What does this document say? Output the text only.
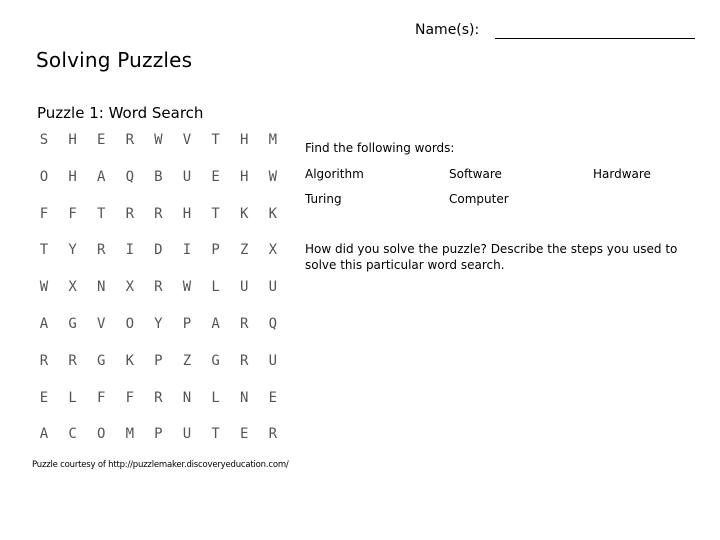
Name(s):
Solving Puzzles
Puzzle 1: Word Search
S	H	E	R	W	V	T	H	M
O	H	A	Q	B	U	E	H	W
F	F	T	R	R	H	T	K	K
T	Y	R	I	D	I	P	Z	X
W	X	N	X	R	W	L	U	U
A	G	V	O	Y	P	A	R	Q
R	R	G	K	P	Z	G	R	U
E	L	F	F	R	N	L	N	E
A	C	O	M	P	U	T	E	R
Puzzle courtesy of http://puzzlemaker.discoveryeducation.com/
Find the following words:
Algorithm	Software	Hardware
Turing	Computer
How did you solve the puzzle? Describe the steps you used to solve this particular word search.
